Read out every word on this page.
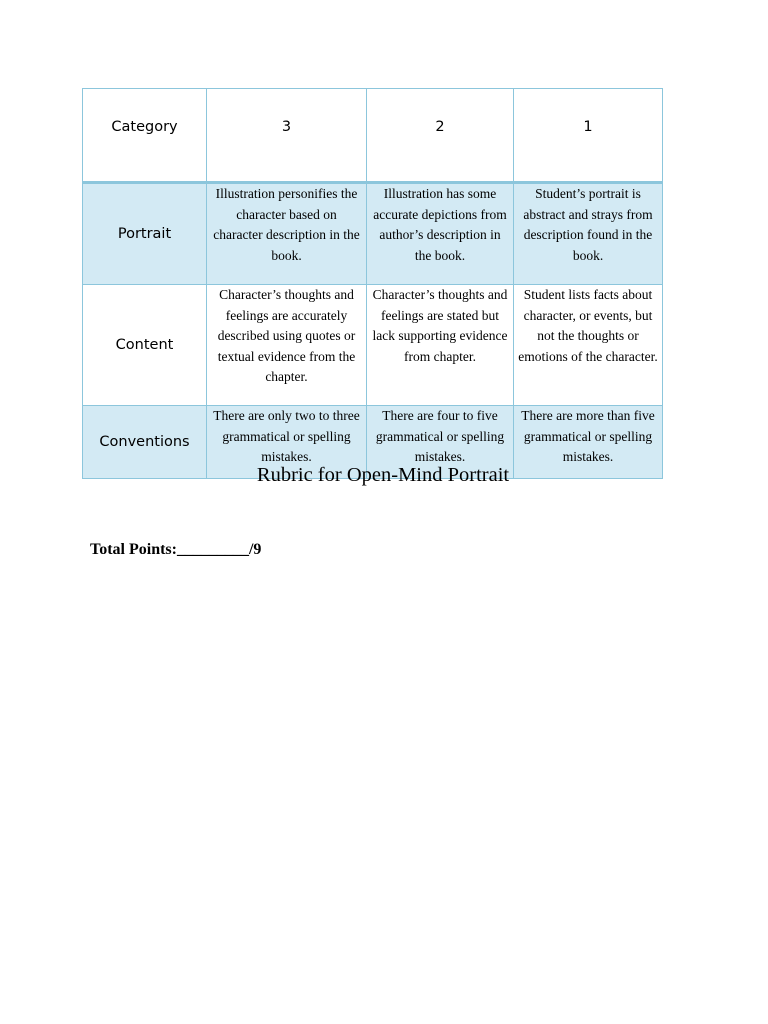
Category	3	2	1
Portrait	Illustration personifies the character based on character description in the book.	Illustration has some accurate depictions from author’s description in the book.	Student’s portrait is abstract and strays from description found in the book.
Content	Character’s thoughts and feelings are accurately described using quotes or textual evidence from the chapter.	Character’s thoughts and feelings are stated but lack supporting evidence from chapter.	Student lists facts about character, or events, but not the thoughts or emotions of the character.
Conventions	There are only two to three grammatical or spelling mistakes.	There are four to five grammatical or spelling mistakes.	There are more than five grammatical or spelling mistakes.
Rubric for Open-Mind Portrait
Total Points:_________/9
